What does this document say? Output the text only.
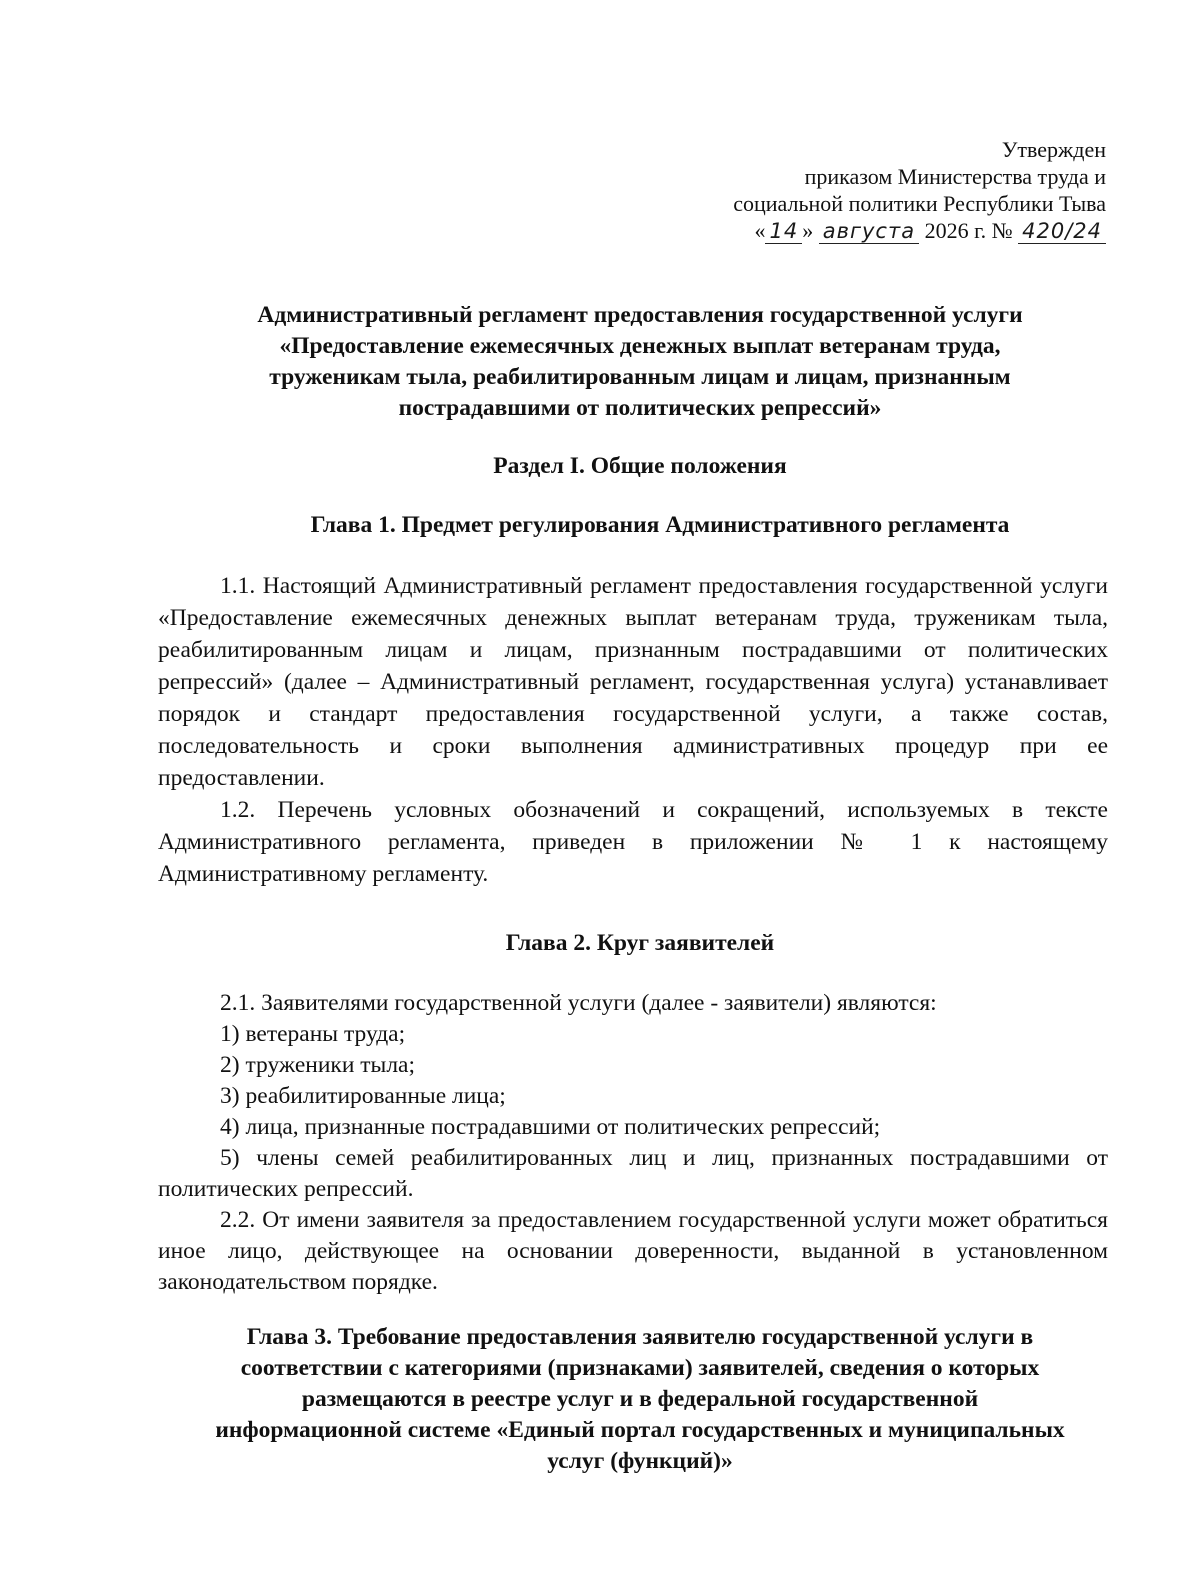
Утвержден
приказом Министерства труда и
социальной политики Республики Тыва
« 14 » августа 2026 г. № 420/24
Административный регламент предоставления государственной услуги
«Предоставление ежемесячных денежных выплат ветеранам труда,
труженикам тыла, реабилитированным лицам и лицам, признанным
пострадавшими от политических репрессий»
Раздел I. Общие положения
Глава 1. Предмет регулирования Административного регламента

1.1. Настоящий Административный регламент предоставления государственной услуги «Предоставление ежемесячных денежных выплат ветеранам труда, труженикам тыла, реабилитированным лицам и лицам, признанным пострадавшими от политических репрессий» (далее – Административный регламент, государственная услуга) устанавливает порядок и стандарт предоставления государственной услуги, а также состав, последовательность и сроки выполнения административных процедур при ее предоставлении.

1.2. Перечень условных обозначений и сокращений, используемых в тексте Административного регламента, приведен в приложении № 1 к настоящему Административному регламенту.

Глава 2. Круг заявителей

2.1. Заявителями государственной услуги (далее - заявители) являются:

1) ветераны труда;

2) труженики тыла;

3) реабилитированные лица;

4) лица, признанные пострадавшими от политических репрессий;

5) члены семей реабилитированных лиц и лиц, признанных пострадавшими от политических репрессий.

2.2. От имени заявителя за предоставлением государственной услуги может обратиться иное лицо, действующее на основании доверенности, выданной в установленном законодательством порядке.

Глава 3. Требование предоставления заявителю государственной услуги в
соответствии с категориями (признаками) заявителей, сведения о которых
размещаются в реестре услуг и в федеральной государственной
информационной системе «Единый портал государственных и муниципальных
услуг (функций)»
